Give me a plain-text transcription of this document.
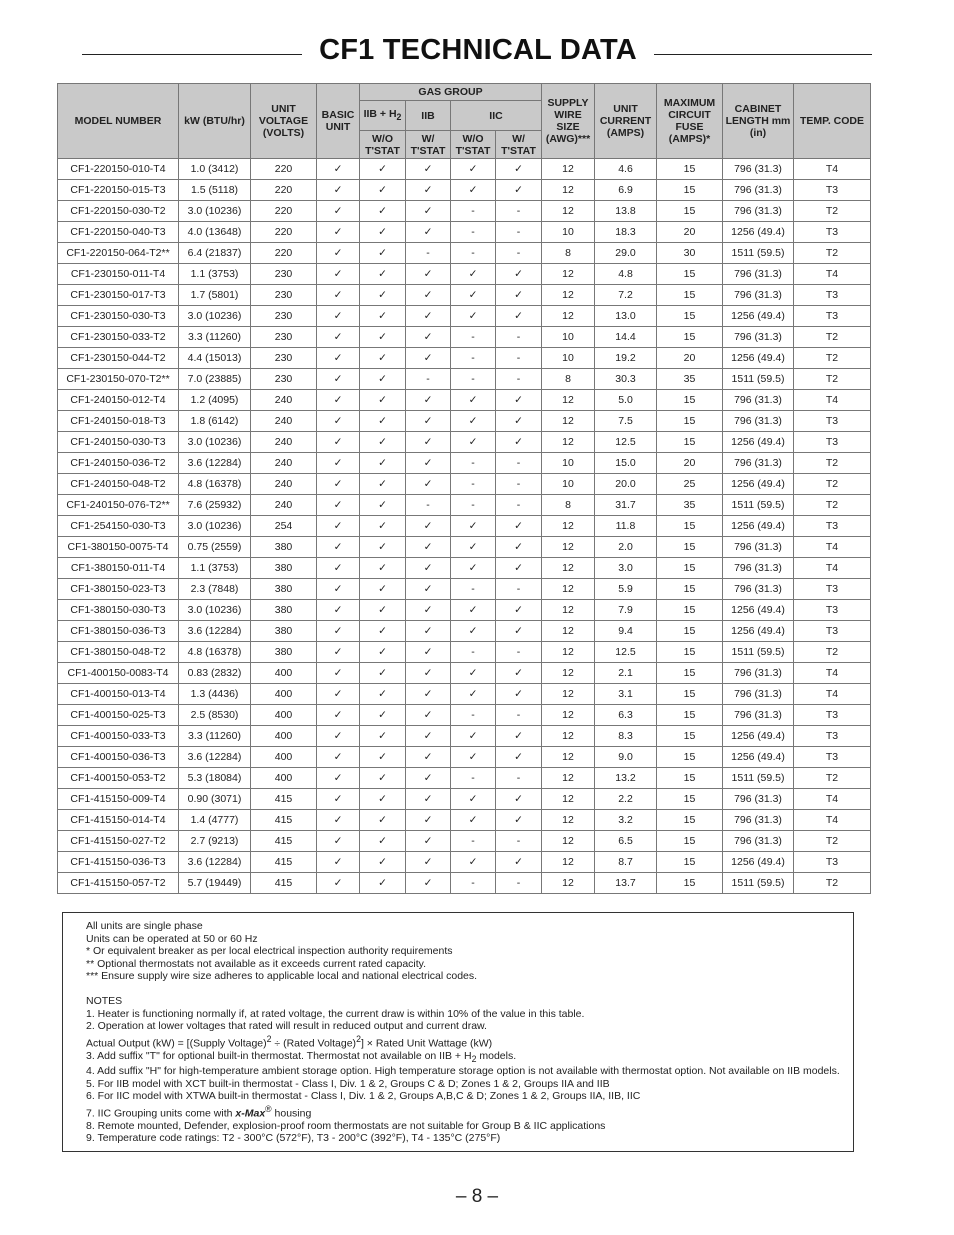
CF1 TECHNICAL DATA
MODEL NUMBER	kW (BTU/hr)	UNIT VOLTAGE (VOLTS)	BASIC UNIT	GAS GROUP				SUPPLY WIRE SIZE (AWG)***	UNIT CURRENT (AMPS)	MAXIMUM CIRCUIT FUSE (AMPS)*	CABINET LENGTH mm (in)	TEMP. CODE
				IIB + $H_2$	IIB	IIC						
				W/O T'STAT	W/ T'STAT	W/O T'STAT	W/ T'STAT					
CF1-220150-010-T4	1.0 (3412)	220	✓	✓	✓	✓	✓	12	4.6	15	796 (31.3)	T4
CF1-220150-015-T3	1.5 (5118)	220	✓	✓	✓	✓	✓	12	6.9	15	796 (31.3)	T3
CF1-220150-030-T2	3.0 (10236)	220	✓	✓	✓	-	-	12	13.8	15	796 (31.3)	T2
CF1-220150-040-T3	4.0 (13648)	220	✓	✓	✓	-	-	10	18.3	20	1256 (49.4)	T3
CF1-220150-064-T2**	6.4 (21837)	220	✓	✓	-	-	-	8	29.0	30	1511 (59.5)	T2
CF1-230150-011-T4	1.1 (3753)	230	✓	✓	✓	✓	✓	12	4.8	15	796 (31.3)	T4
CF1-230150-017-T3	1.7 (5801)	230	✓	✓	✓	✓	✓	12	7.2	15	796 (31.3)	T3
CF1-230150-030-T3	3.0 (10236)	230	✓	✓	✓	✓	✓	12	13.0	15	1256 (49.4)	T3
CF1-230150-033-T2	3.3 (11260)	230	✓	✓	✓	-	-	10	14.4	15	796 (31.3)	T2
CF1-230150-044-T2	4.4 (15013)	230	✓	✓	✓	-	-	10	19.2	20	1256 (49.4)	T2
CF1-230150-070-T2**	7.0 (23885)	230	✓	✓	-	-	-	8	30.3	35	1511 (59.5)	T2
CF1-240150-012-T4	1.2 (4095)	240	✓	✓	✓	✓	✓	12	5.0	15	796 (31.3)	T4
CF1-240150-018-T3	1.8 (6142)	240	✓	✓	✓	✓	✓	12	7.5	15	796 (31.3)	T3
CF1-240150-030-T3	3.0 (10236)	240	✓	✓	✓	✓	✓	12	12.5	15	1256 (49.4)	T3
CF1-240150-036-T2	3.6 (12284)	240	✓	✓	✓	-	-	10	15.0	20	796 (31.3)	T2
CF1-240150-048-T2	4.8 (16378)	240	✓	✓	✓	-	-	10	20.0	25	1256 (49.4)	T2
CF1-240150-076-T2**	7.6 (25932)	240	✓	✓	-	-	-	8	31.7	35	1511 (59.5)	T2
CF1-254150-030-T3	3.0 (10236)	254	✓	✓	✓	✓	✓	12	11.8	15	1256 (49.4)	T3
CF1-380150-0075-T4	0.75 (2559)	380	✓	✓	✓	✓	✓	12	2.0	15	796 (31.3)	T4
CF1-380150-011-T4	1.1 (3753)	380	✓	✓	✓	✓	✓	12	3.0	15	796 (31.3)	T4
CF1-380150-023-T3	2.3 (7848)	380	✓	✓	✓	-	-	12	5.9	15	796 (31.3)	T3
CF1-380150-030-T3	3.0 (10236)	380	✓	✓	✓	✓	✓	12	7.9	15	1256 (49.4)	T3
CF1-380150-036-T3	3.6 (12284)	380	✓	✓	✓	✓	✓	12	9.4	15	1256 (49.4)	T3
CF1-380150-048-T2	4.8 (16378)	380	✓	✓	✓	-	-	12	12.5	15	1511 (59.5)	T2
CF1-400150-0083-T4	0.83 (2832)	400	✓	✓	✓	✓	✓	12	2.1	15	796 (31.3)	T4
CF1-400150-013-T4	1.3 (4436)	400	✓	✓	✓	✓	✓	12	3.1	15	796 (31.3)	T4
CF1-400150-025-T3	2.5 (8530)	400	✓	✓	✓	-	-	12	6.3	15	796 (31.3)	T3
CF1-400150-033-T3	3.3 (11260)	400	✓	✓	✓	✓	✓	12	8.3	15	1256 (49.4)	T3
CF1-400150-036-T3	3.6 (12284)	400	✓	✓	✓	✓	✓	12	9.0	15	1256 (49.4)	T3
CF1-400150-053-T2	5.3 (18084)	400	✓	✓	✓	-	-	12	13.2	15	1511 (59.5)	T2
CF1-415150-009-T4	0.90 (3071)	415	✓	✓	✓	✓	✓	12	2.2	15	796 (31.3)	T4
CF1-415150-014-T4	1.4 (4777)	415	✓	✓	✓	✓	✓	12	3.2	15	796 (31.3)	T4
CF1-415150-027-T2	2.7 (9213)	415	✓	✓	✓	-	-	12	6.5	15	796 (31.3)	T2
CF1-415150-036-T3	3.6 (12284)	415	✓	✓	✓	✓	✓	12	8.7	15	1256 (49.4)	T3
CF1-415150-057-T2	5.7 (19449)	415	✓	✓	✓	-	-	12	13.7	15	1511 (59.5)	T2

All units are single phase

Units can be operated at 50 or 60 Hz

* Or equivalent breaker as per local electrical inspection authority requirements

** Optional thermostats not available as it exceeds current rated capacity.

*** Ensure supply wire size adheres to applicable local and national electrical codes.

NOTES

1. Heater is functioning normally if, at rated voltage, the current draw is within 10% of the value in this table.

2. Operation at lower voltages that rated will result in reduced output and current draw.

Actual Output (kW) = [(Supply Voltage)$^2$ ÷ (Rated Voltage)$^2$] × Rated Unit Wattage (kW)

3. Add suffix "T" for optional built-in thermostat. Thermostat not available on IIB + $H_2$ models.

4. Add suffix "H" for high-temperature ambient storage option. High temperature storage option is not available with thermostat option. Not available on IIB models.

5. For IIB model with XCT built-in thermostat - Class I, Div. 1 & 2, Groups C & D; Zones 1 & 2, Groups IIA and IIB

6. For IIC model with XTWA built-in thermostat - Class I, Div. 1 & 2, Groups A,B,C & D; Zones 1 & 2, Groups IIA, IIB, IIC

7. IIC Grouping units come with x-Max® housing

8. Remote mounted, Defender, explosion-proof room thermostats are not suitable for Group B & IIC applications

9. Temperature code ratings: T2 - 300°C (572°F), T3 - 200°C (392°F), T4 - 135°C (275°F)

– 8 –
